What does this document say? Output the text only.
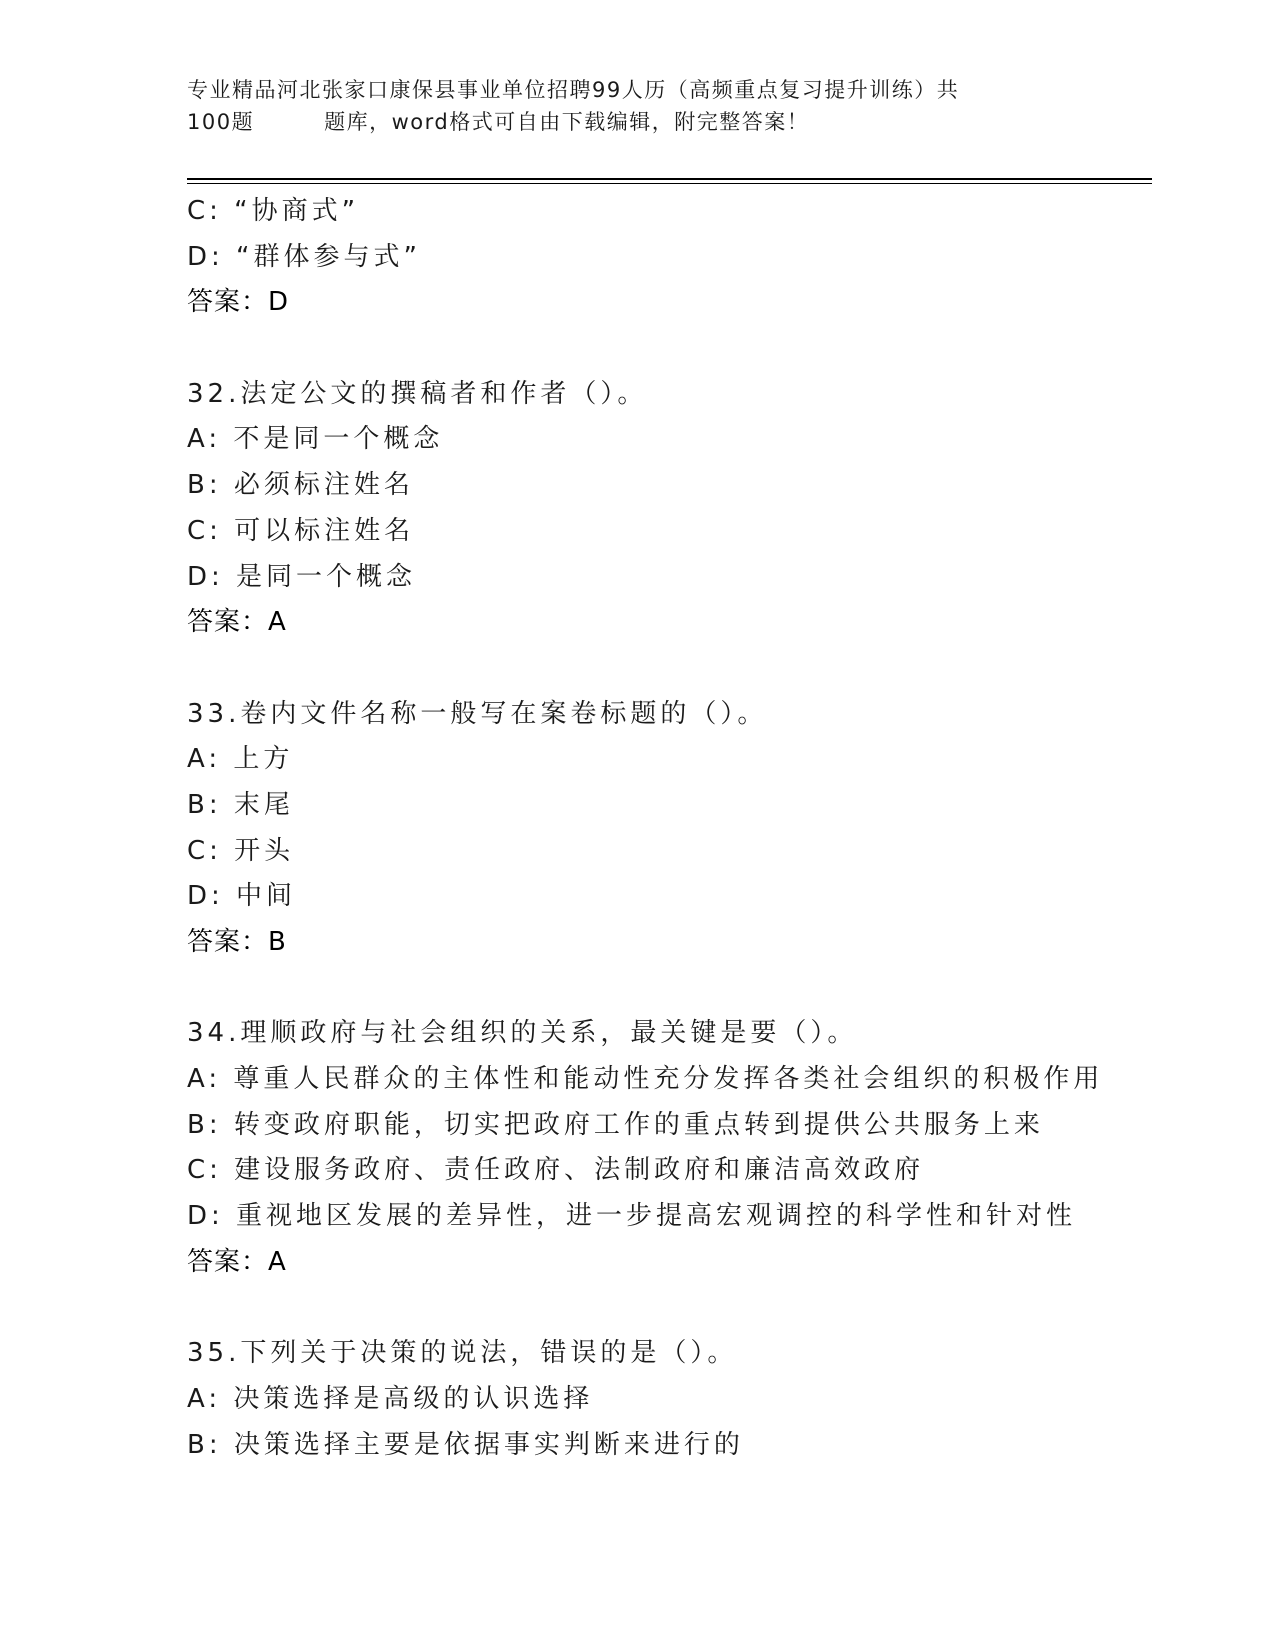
专业精品河北张家口康保县事业单位招聘99人历（高频重点复习提升训练）共
100题	题库，word格式可自由下载编辑，附完整答案！
C: “协商式”
D: “群体参与式”
答案：D
32.法定公文的撰稿者和作者（）。
A: 不是同一个概念
B: 必须标注姓名
C: 可以标注姓名
D: 是同一个概念
答案：A
33.卷内文件名称一般写在案卷标题的（）。
A: 上方
B: 末尾
C: 开头
D: 中间
答案：B
34.理顺政府与社会组织的关系，最关键是要（）。
A: 尊重人民群众的主体性和能动性充分发挥各类社会组织的积极作用
B: 转变政府职能，切实把政府工作的重点转到提供公共服务上来
C: 建设服务政府、责任政府、法制政府和廉洁高效政府
D: 重视地区发展的差异性，进一步提高宏观调控的科学性和针对性
答案：A
35.下列关于决策的说法，错误的是（）。
A: 决策选择是高级的认识选择
B: 决策选择主要是依据事实判断来进行的
